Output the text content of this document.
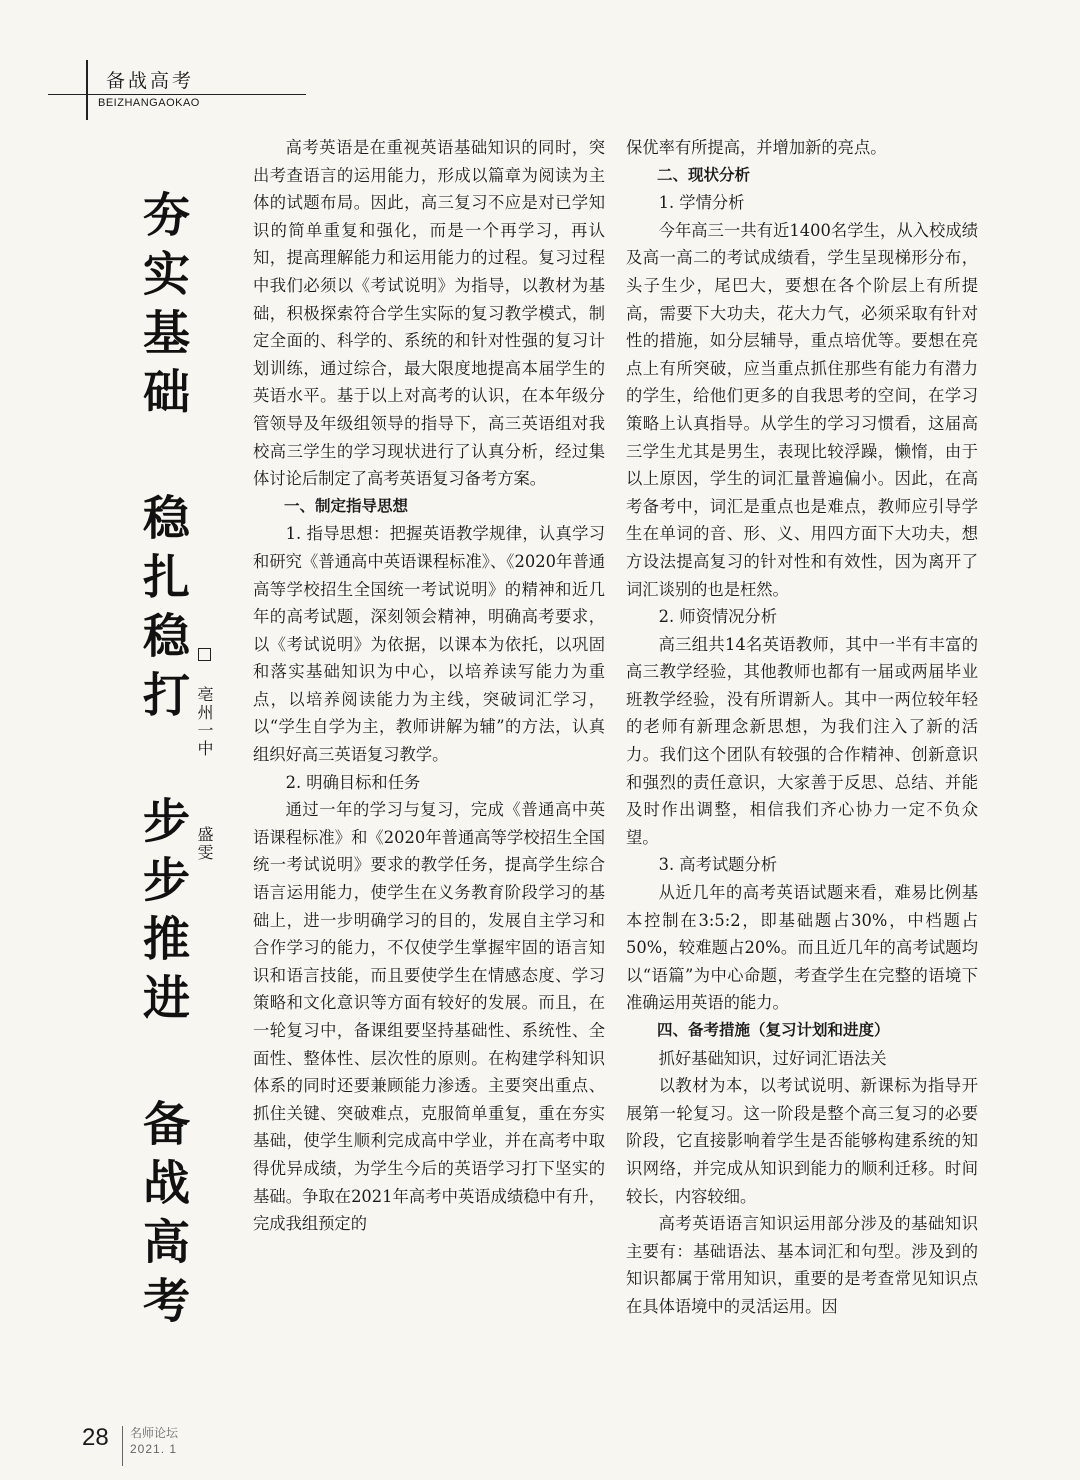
备战高考
BEIZHANGAOKAO
夯实基础 稳扎稳打 步步推进 备战高考 亳州一中  盛雯

高考英语是在重视英语基础知识的同时，突出考查语言的运用能力，形成以篇章为阅读为主体的试题布局。因此，高三复习不应是对已学知识的简单重复和强化，而是一个再学习，再认知，提高理解能力和运用能力的过程。复习过程中我们必须以《考试说明》为指导，以教材为基础，积极探索符合学生实际的复习教学模式，制定全面的、科学的、系统的和针对性强的复习计划训练，通过综合，最大限度地提高本届学生的英语水平。基于以上对高考的认识，在本年级分管领导及年级组领导的指导下，高三英语组对我校高三学生的学习现状进行了认真分析，经过集体讨论后制定了高考英语复习备考方案。

一、制定指导思想

1. 指导思想：把握英语教学规律，认真学习和研究《普通高中英语课程标准》、《2020年普通高等学校招生全国统一考试说明》的精神和近几年的高考试题，深刻领会精神，明确高考要求，以《考试说明》为依据，以课本为依托，以巩固和落实基础知识为中心，以培养读写能力为重点，以培养阅读能力为主线，突破词汇学习，以“学生自学为主，教师讲解为辅”的方法，认真组织好高三英语复习教学。

2. 明确目标和任务

通过一年的学习与复习，完成《普通高中英语课程标准》和《2020年普通高等学校招生全国统一考试说明》要求的教学任务，提高学生综合语言运用能力，使学生在义务教育阶段学习的基础上，进一步明确学习的目的，发展自主学习和合作学习的能力，不仅使学生掌握牢固的语言知识和语言技能，而且要使学生在情感态度、学习策略和文化意识等方面有较好的发展。而且，在一轮复习中，备课组要坚持基础性、系统性、全面性、整体性、层次性的原则。在构建学科知识体系的同时还要兼顾能力渗透。主要突出重点、抓住关键、突破难点，克服简单重复，重在夯实基础，使学生顺利完成高中学业，并在高考中取得优异成绩，为学生今后的英语学习打下坚实的基础。争取在2021年高考中英语成绩稳中有升，完成我组预定的

保优率有所提高，并增加新的亮点。

二、现状分析

1. 学情分析

今年高三一共有近1400名学生，从入校成绩及高一高二的考试成绩看，学生呈现梯形分布，头子生少，尾巴大，要想在各个阶层上有所提高，需要下大功夫，花大力气，必须采取有针对性的措施，如分层辅导，重点培优等。要想在亮点上有所突破，应当重点抓住那些有能力有潜力的学生，给他们更多的自我思考的空间，在学习策略上认真指导。从学生的学习习惯看，这届高三学生尤其是男生，表现比较浮躁，懒惰，由于以上原因，学生的词汇量普遍偏小。因此，在高考备考中，词汇是重点也是难点，教师应引导学生在单词的音、形、义、用四方面下大功夫，想方设法提高复习的针对性和有效性，因为离开了词汇谈别的也是枉然。

2. 师资情况分析

高三组共14名英语教师，其中一半有丰富的高三教学经验，其他教师也都有一届或两届毕业班教学经验，没有所谓新人。其中一两位较年轻的老师有新理念新思想，为我们注入了新的活力。我们这个团队有较强的合作精神、创新意识和强烈的责任意识，大家善于反思、总结、并能及时作出调整，相信我们齐心协力一定不负众望。

3. 高考试题分析

从近几年的高考英语试题来看，难易比例基本控制在3:5:2，即基础题占30%，中档题占50%，较难题占20%。而且近几年的高考试题均以“语篇”为中心命题，考查学生在完整的语境下准确运用英语的能力。

四、备考措施（复习计划和进度）

抓好基础知识，过好词汇语法关

以教材为本，以考试说明、新课标为指导开展第一轮复习。这一阶段是整个高三复习的必要阶段，它直接影响着学生是否能够构建系统的知识网络，并完成从知识到能力的顺利迁移。时间较长，内容较细。

高考英语语言知识运用部分涉及的基础知识主要有：基础语法、基本词汇和句型。涉及到的知识都属于常用知识，重要的是考查常见知识点在具体语境中的灵活运用。因

28 名师论坛
2021. 1
